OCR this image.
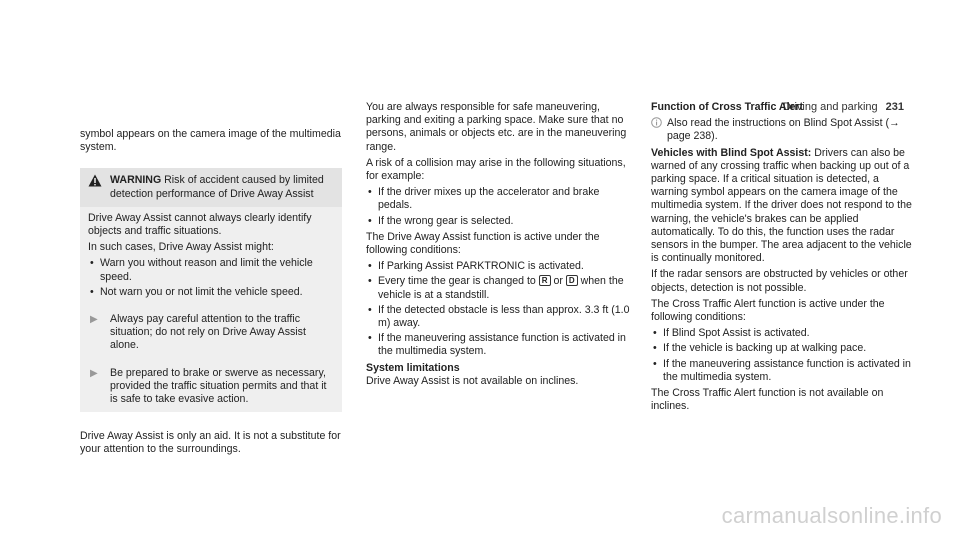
Driving and parking 231

symbol appears on the camera image of the multimedia system.

WARNING Risk of accident caused by limited detection performance of Drive Away Assist

Drive Away Assist cannot always clearly identify objects and traffic situations.

In such cases, Drive Away Assist might:

• Warn you without reason and limit the vehicle speed.
• Not warn you or not limit the vehicle speed.
▶	Always pay careful attention to the traffic situation; do not rely on Drive Away Assist alone.
▶	Be prepared to brake or swerve as necessary, provided the traffic situation permits and that it is safe to take evasive action.

Drive Away Assist is only an aid. It is not a substitute for your attention to the surroundings.

You are always responsible for safe maneuvering, parking and exiting a parking space. Make sure that no persons, animals or objects etc. are in the maneuvering range.

A risk of a collision may arise in the following situations, for example:

• If the driver mixes up the accelerator and brake pedals.
• If the wrong gear is selected.

The Drive Away Assist function is active under the following conditions:

• If Parking Assist PARKTRONIC is activated.
• Every time the gear is changed to R or D when the vehicle is at a standstill.
• If the detected obstacle is less than approx. 3.3 ft (1.0 m) away.
• If the maneuvering assistance function is activated in the multimedia system.

System limitations

Drive Away Assist is not available on inclines.

Function of Cross Traffic Alert

Also read the instructions on Blind Spot Assist (→ page 238).

Vehicles with Blind Spot Assist: Drivers can also be warned of any crossing traffic when backing up out of a parking space. If a critical situation is detected, a warning symbol appears on the camera image of the multimedia system. If the driver does not respond to the warning, the vehicle's brakes can be applied automatically. To do this, the function uses the radar sensors in the bumper. The area adjacent to the vehicle is continually monitored.

If the radar sensors are obstructed by vehicles or other objects, detection is not possible.

The Cross Traffic Alert function is active under the following conditions:

• If Blind Spot Assist is activated.
• If the vehicle is backing up at walking pace.
• If the maneuvering assistance function is activated in the multimedia system.

The Cross Traffic Alert function is not available on inclines.

carmanualsonline.info
